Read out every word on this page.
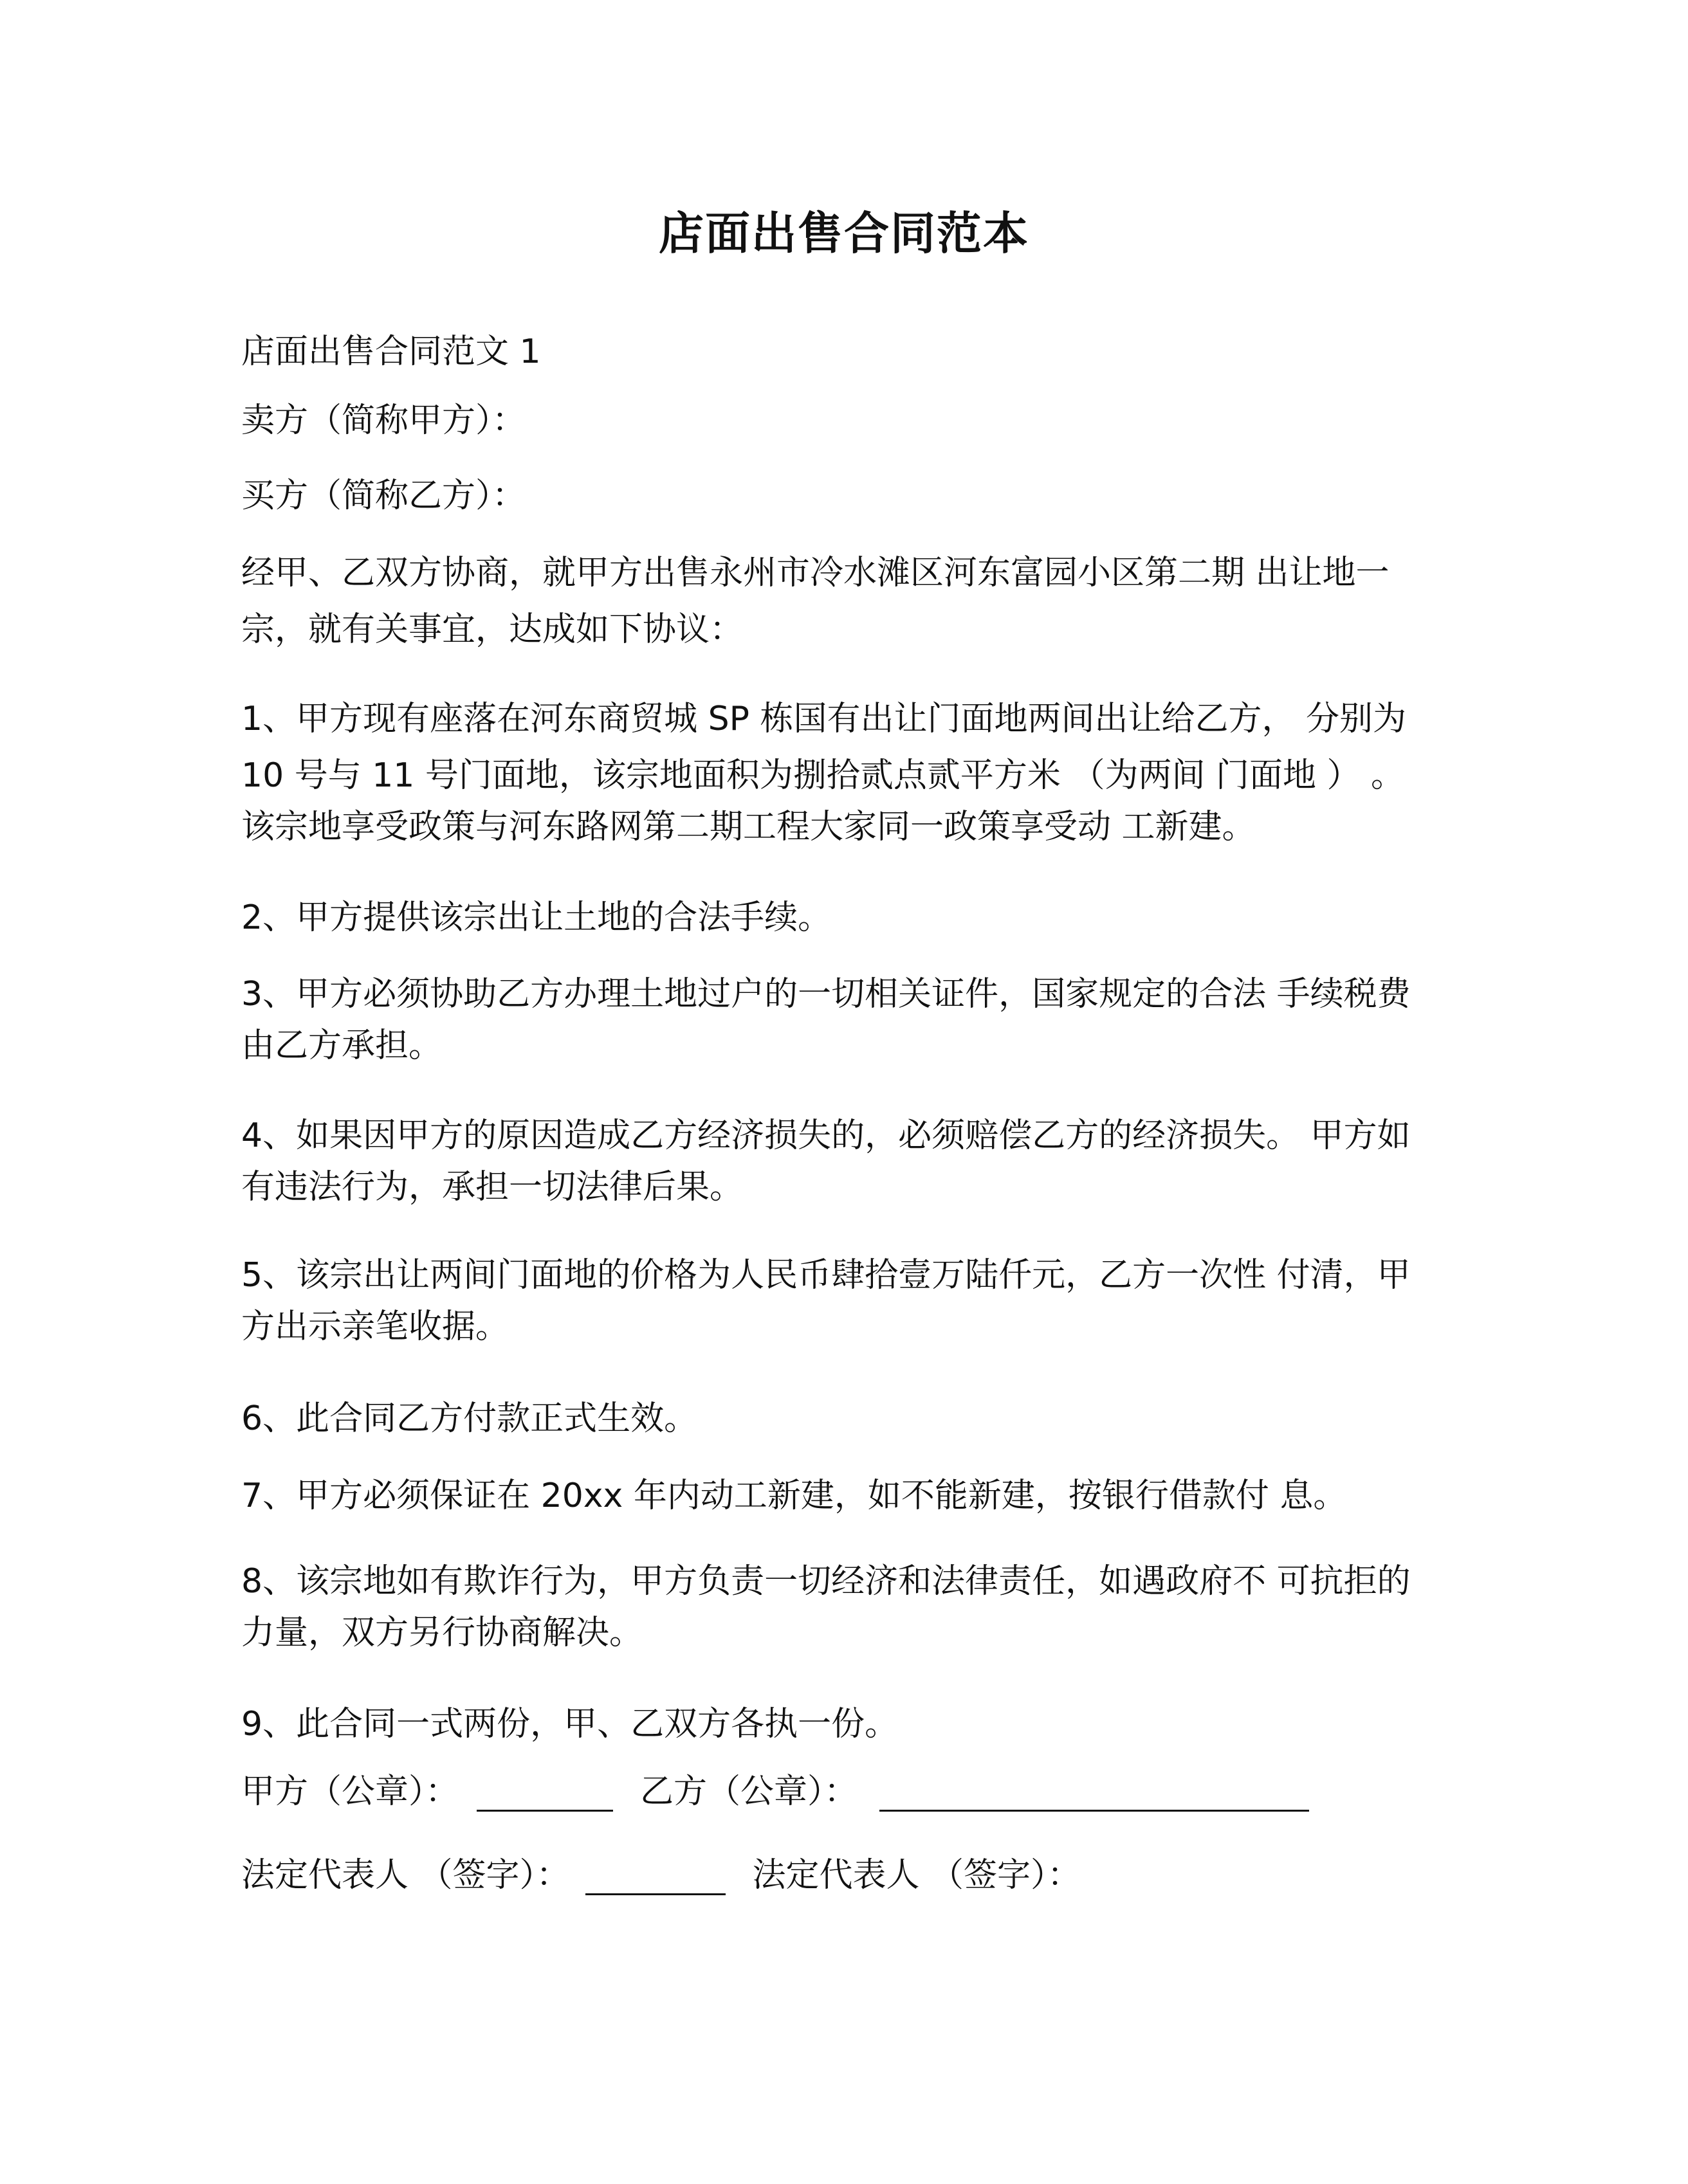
店面出售合同范本
店面出售合同范文 1
卖方（简称甲方）：
买方（简称乙方）：
经甲、乙双方协商，就甲方出售永州市冷水滩区河东富园小区第二期 出让地一
宗，就有关事宜，达成如下协议：
1、甲方现有座落在河东商贸城 SP 栋国有出让门面地两间出让给乙方， 分别为
10 号与 11 号门面地，该宗地面积为捌拾贰点贰平方米 （为两间 门面地 ） 。
该宗地享受政策与河东路网第二期工程大家同一政策享受动 工新建。
2、甲方提供该宗出让土地的合法手续。
3、甲方必须协助乙方办理土地过户的一切相关证件，国家规定的合法 手续税费
由乙方承担。
4、如果因甲方的原因造成乙方经济损失的，必须赔偿乙方的经济损失。 甲方如
有违法行为，承担一切法律后果。
5、该宗出让两间门面地的价格为人民币肆拾壹万陆仟元，乙方一次性 付清，甲
方出示亲笔收据。
6、此合同乙方付款正式生效。
7、甲方必须保证在 20xx 年内动工新建，如不能新建，按银行借款付 息。
8、该宗地如有欺诈行为，甲方负责一切经济和法律责任，如遇政府不 可抗拒的
力量，双方另行协商解决。
9、此合同一式两份，甲、乙双方各执一份。
甲方（公章）：	乙方（公章）：
法定代表人 （签字）：	法定代表人 （签字）：
